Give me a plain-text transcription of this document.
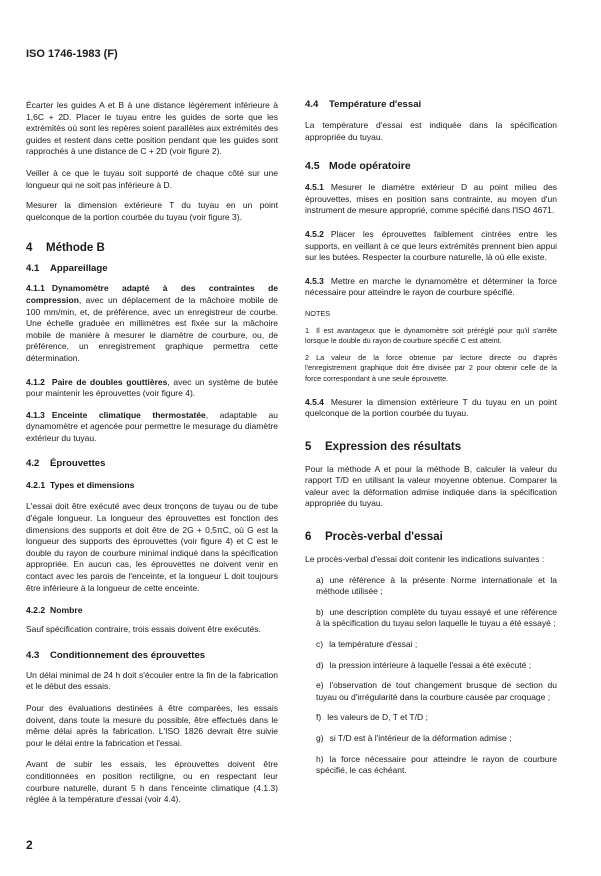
ISO 1746-1983 (F)

Écarter les guides A et B à une distance légèrement inférieure à 1,6C + 2D. Placer le tuyau entre les guides de sorte que les extrémités où sont les repères soient parallèles aux extrémités des guides et restent dans cette position pendant que les guides sont rapprochés à une distance de C + 2D (voir figure 2).

Veiller à ce que le tuyau soit supporté de chaque côté sur une longueur qui ne soit pas inférieure à D.

Mesurer la dimension extérieure T du tuyau en un point quelconque de la portion courbée du tuyau (voir figure 3).

4 Méthode B
4.1 Appareillage

4.1.1 Dynamomètre adapté à des contraintes de compression, avec un déplacement de la mâchoire mobile de 100 mm/min, et, de préférence, avec un enregistreur de courbe. Une échelle graduée en millimètres est fixée sur la mâchoire mobile de manière à mesurer le diamètre de courbure, ou, de préférence, un enregistrement graphique permettra cette détermination.

4.1.2 Paire de doubles gouttières, avec un système de butée pour maintenir les éprouvettes (voir figure 4).

4.1.3 Enceinte climatique thermostatée, adaptable au dynamomètre et agencée pour permettre le mesurage du diamètre extérieur du tuyau.

4.2 Éprouvettes
4.2.1 Types et dimensions

L'essai doit être exécuté avec deux tronçons de tuyau ou de tube d'égale longueur. La longueur des éprouvettes est fonction des dimensions des supports et doit être de 2G + 0,5πC, où G est la longueur des supports des éprouvettes (voir figure 4) et C est le double du rayon de courbure minimal indiqué dans la spécification appropriée. En aucun cas, les éprouvettes ne doivent venir en contact avec les parois de l'enceinte, et la longueur L doit toujours être inférieure à la longueur de cette enceinte.

4.2.2 Nombre

Sauf spécification contraire, trois essais doivent être exécutés.

4.3 Conditionnement des éprouvettes

Un délai minimal de 24 h doit s'écouler entre la fin de la fabrication et le début des essais.

Pour des évaluations destinées à être comparées, les essais doivent, dans toute la mesure du possible, être effectués dans le même délai après la fabrication. L'ISO 1826 devrait être suivie pour le délai entre la fabrication et l'essai.

Avant de subir les essais, les éprouvettes doivent être conditionnées en position rectiligne, ou en respectant leur courbure naturelle, durant 5 h dans l'enceinte climatique (4.1.3) réglée à la température d'essai (voir 4.4).

2
4.4 Température d'essai

La température d'essai est indiquée dans la spécification appropriée du tuyau.

4.5 Mode opératoire

4.5.1 Mesurer le diamètre extérieur D au point milieu des éprouvettes, mises en position sans contrainte, au moyen d'un instrument de mesure approprié, comme spécifié dans l'ISO 4671.

4.5.2 Placer les éprouvettes faiblement cintrées entre les supports, en veillant à ce que leurs extrémités prennent bien appui sur les butées. Respecter la courbure naturelle, là où elle existe.

4.5.3 Mettre en marche le dynamomètre et déterminer la force nécessaire pour atteindre le rayon de courbure spécifié.

NOTES

1 Il est avantageux que le dynamomètre soit préréglé pour qu'il s'arrête lorsque le double du rayon de courbure spécifié C est atteint.

2 La valeur de la force obtenue par lecture directe ou d'après l'enregistrement graphique doit être divisée par 2 pour obtenir celle de la force correspondant à une seule éprouvette.

4.5.4 Mesurer la dimension extérieure T du tuyau en un point quelconque de la portion courbée du tuyau.

5 Expression des résultats

Pour la méthode A et pour la méthode B, calculer la valeur du rapport T/D en utilisant la valeur moyenne obtenue. Comparer la valeur avec la déformation admise indiquée dans la spécification appropriée du tuyau.

6 Procès-verbal d'essai

Le procès-verbal d'essai doit contenir les indications suivantes :

a) une référence à la présente Norme internationale et la méthode utilisée ;

b) une description complète du tuyau essayé et une référence à la spécification du tuyau selon laquelle le tuyau a été essayé ;

c) la température d'essai ;

d) la pression intérieure à laquelle l'essai a été exécuté ;

e) l'observation de tout changement brusque de section du tuyau ou d'irrégularité dans la courbure causée par croquage ;

f) les valeurs de D, T et T/D ;

g) si T/D est à l'intérieur de la déformation admise ;

h) la force nécessaire pour atteindre le rayon de courbure spécifié, le cas échéant.
